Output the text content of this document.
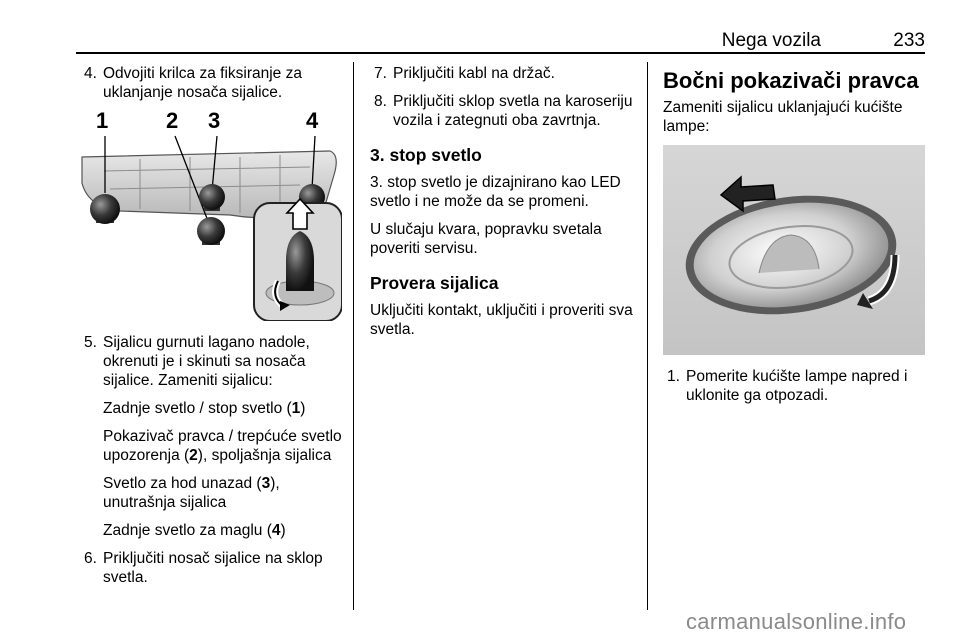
Nega vozila	233

4. Odvojiti krilca za fiksiranje za uklanjanje nosača sijalice.

1	2 3	4

5. Sijalicu gurnuti lagano nadole, okrenuti je i skinuti sa nosača sijalice. Zameniti sijalicu:

Zadnje svetlo / stop svetlo (1)

Pokazivač pravca / trepćuće svetlo upozorenja (2), spoljašnja sijalica

Svetlo za hod unazad (3), unutrašnja sijalica

Zadnje svetlo za maglu (4)

6. Priključiti nosač sijalice na sklop svetla.

7. Priključiti kabl na držač.

8. Priključiti sklop svetla na karoseriju vozila i zategnuti oba zavrtnja.

3. stop svetlo

3. stop svetlo je dizajnirano kao LED svetlo i ne može da se promeni.

U slučaju kvara, popravku svetala poveriti servisu.

Provera sijalica

Uključiti kontakt, uključiti i proveriti sva svetla.

Bočni pokazivači pravca

Zameniti sijalicu uklanjajući kućište lampe:

1. Pomerite kućište lampe napred i uklonite ga otpozadi.

carmanualsonline.info
